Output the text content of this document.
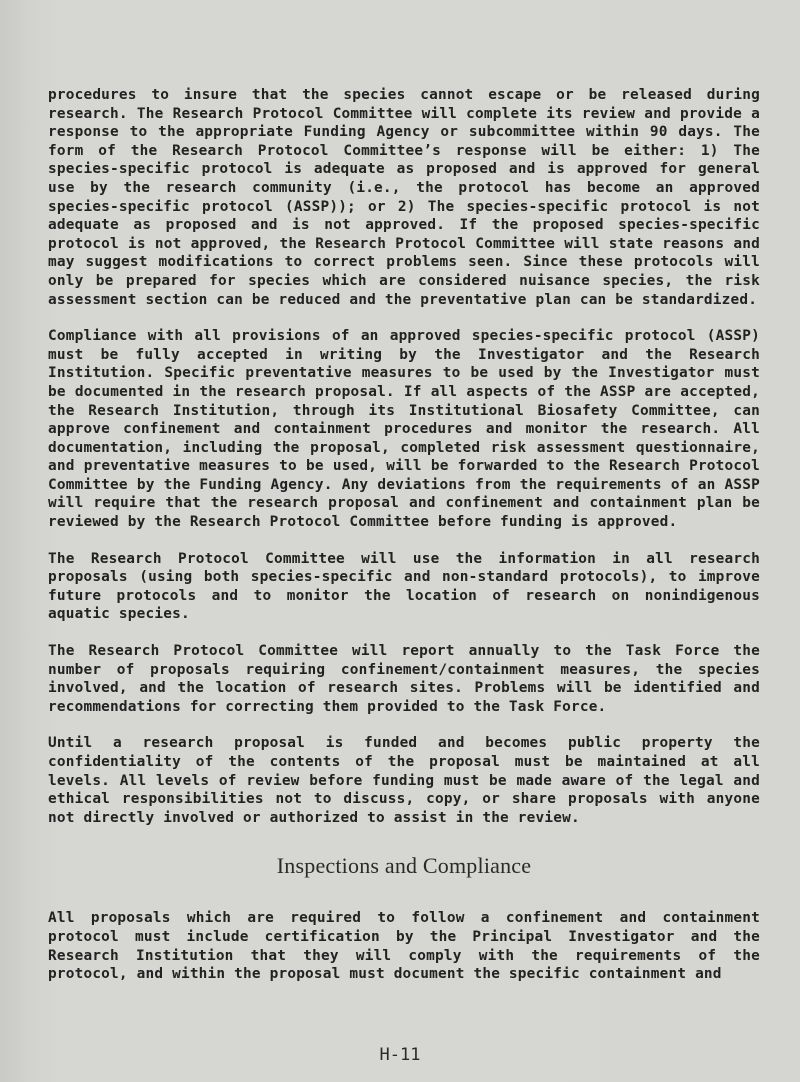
procedures to insure that the species cannot escape or be released during research. The Research Protocol Committee will complete its review and provide a response to the appropriate Funding Agency or subcommittee within 90 days. The form of the Research Protocol Committee’s response will be either: 1) The species-specific protocol is adequate as proposed and is approved for general use by the research community (i.e., the protocol has become an approved species-specific protocol (ASSP)); or 2) The species-specific protocol is not adequate as proposed and is not approved. If the proposed species-specific protocol is not approved, the Research Protocol Committee will state reasons and may suggest modifications to correct problems seen. Since these protocols will only be prepared for species which are considered nuisance species, the risk assessment section can be reduced and the preventative plan can be standardized.

Compliance with all provisions of an approved species-specific protocol (ASSP) must be fully accepted in writing by the Investigator and the Research Institution. Specific preventative measures to be used by the Investigator must be documented in the research proposal. If all aspects of the ASSP are accepted, the Research Institution, through its Institutional Biosafety Committee, can approve confinement and containment procedures and monitor the research. All documentation, including the proposal, completed risk assessment questionnaire, and preventative measures to be used, will be forwarded to the Research Protocol Committee by the Funding Agency. Any deviations from the requirements of an ASSP will require that the research proposal and confinement and containment plan be reviewed by the Research Protocol Committee before funding is approved.

The Research Protocol Committee will use the information in all research proposals (using both species-specific and non-standard protocols), to improve future protocols and to monitor the location of research on nonindigenous aquatic species.

The Research Protocol Committee will report annually to the Task Force the number of proposals requiring confinement/containment measures, the species involved, and the location of research sites. Problems will be identified and recommendations for correcting them provided to the Task Force.

Until a research proposal is funded and becomes public property the confidentiality of the contents of the proposal must be maintained at all levels. All levels of review before funding must be made aware of the legal and ethical responsibilities not to discuss, copy, or share proposals with anyone not directly involved or authorized to assist in the review.

Inspections and Compliance

All proposals which are required to follow a confinement and containment protocol must include certification by the Principal Investigator and the Research Institution that they will comply with the requirements of the protocol, and within the proposal must document the specific containment and

H-11
